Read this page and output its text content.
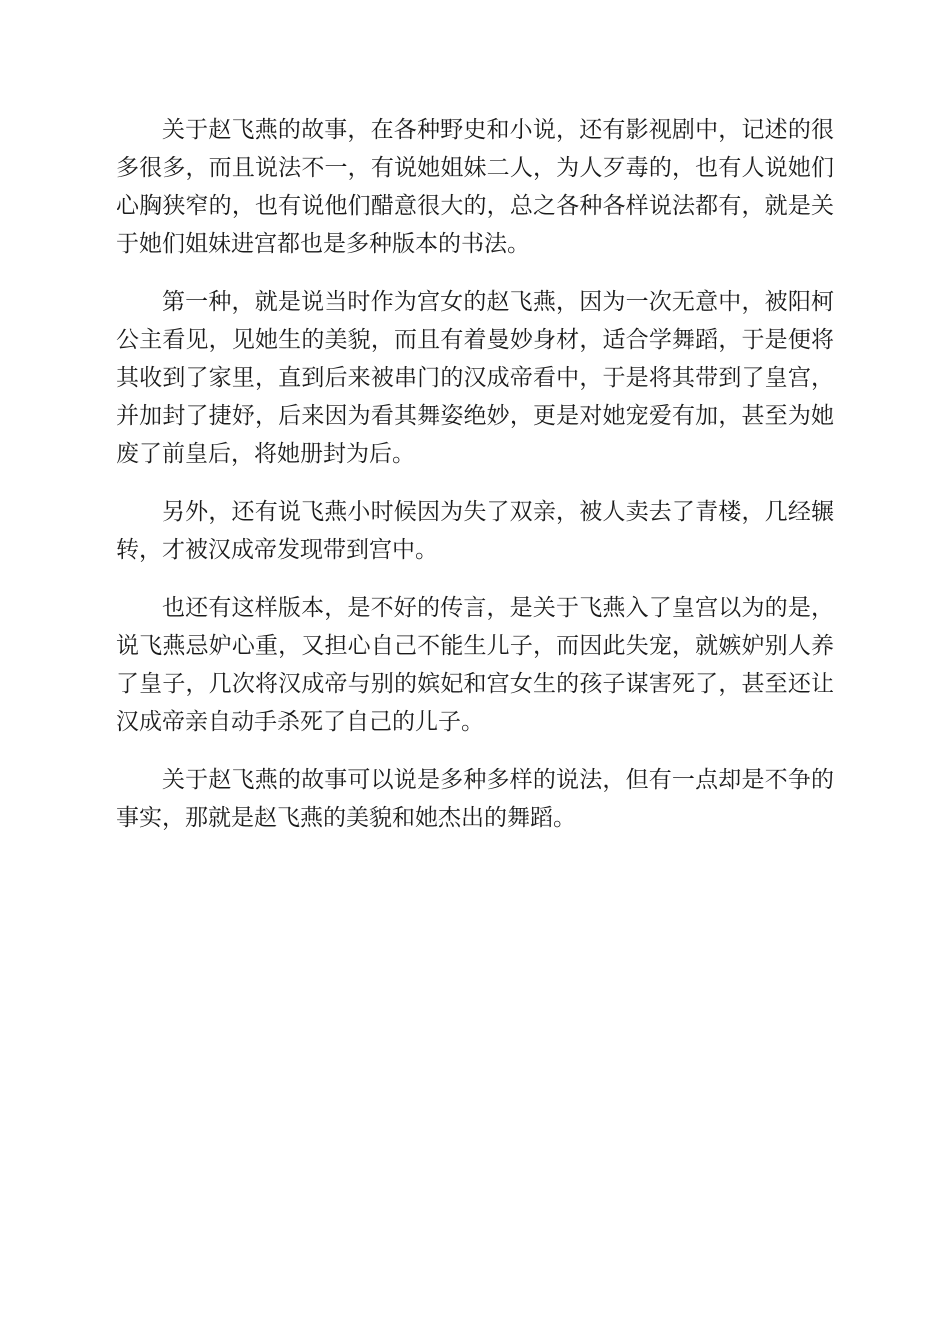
关于赵飞燕的故事，在各种野史和小说，还有影视剧中，记述的很多很多，而且说法不一，有说她姐妹二人，为人歹毒的，也有人说她们心胸狭窄的，也有说他们醋意很大的，总之各种各样说法都有，就是关于她们姐妹进宫都也是多种版本的书法。

第一种，就是说当时作为宫女的赵飞燕，因为一次无意中，被阳柯公主看见，见她生的美貌，而且有着曼妙身材，适合学舞蹈，于是便将其收到了家里，直到后来被串门的汉成帝看中，于是将其带到了皇宫，并加封了捷妤，后来因为看其舞姿绝妙，更是对她宠爱有加，甚至为她废了前皇后，将她册封为后。

另外，还有说飞燕小时候因为失了双亲，被人卖去了青楼，几经辗转，才被汉成帝发现带到宫中。

也还有这样版本，是不好的传言，是关于飞燕入了皇宫以为的是，说飞燕忌妒心重，又担心自己不能生儿子，而因此失宠，就嫉妒别人养了皇子，几次将汉成帝与别的嫔妃和宫女生的孩子谋害死了，甚至还让汉成帝亲自动手杀死了自己的儿子。

关于赵飞燕的故事可以说是多种多样的说法，但有一点却是不争的事实，那就是赵飞燕的美貌和她杰出的舞蹈。
